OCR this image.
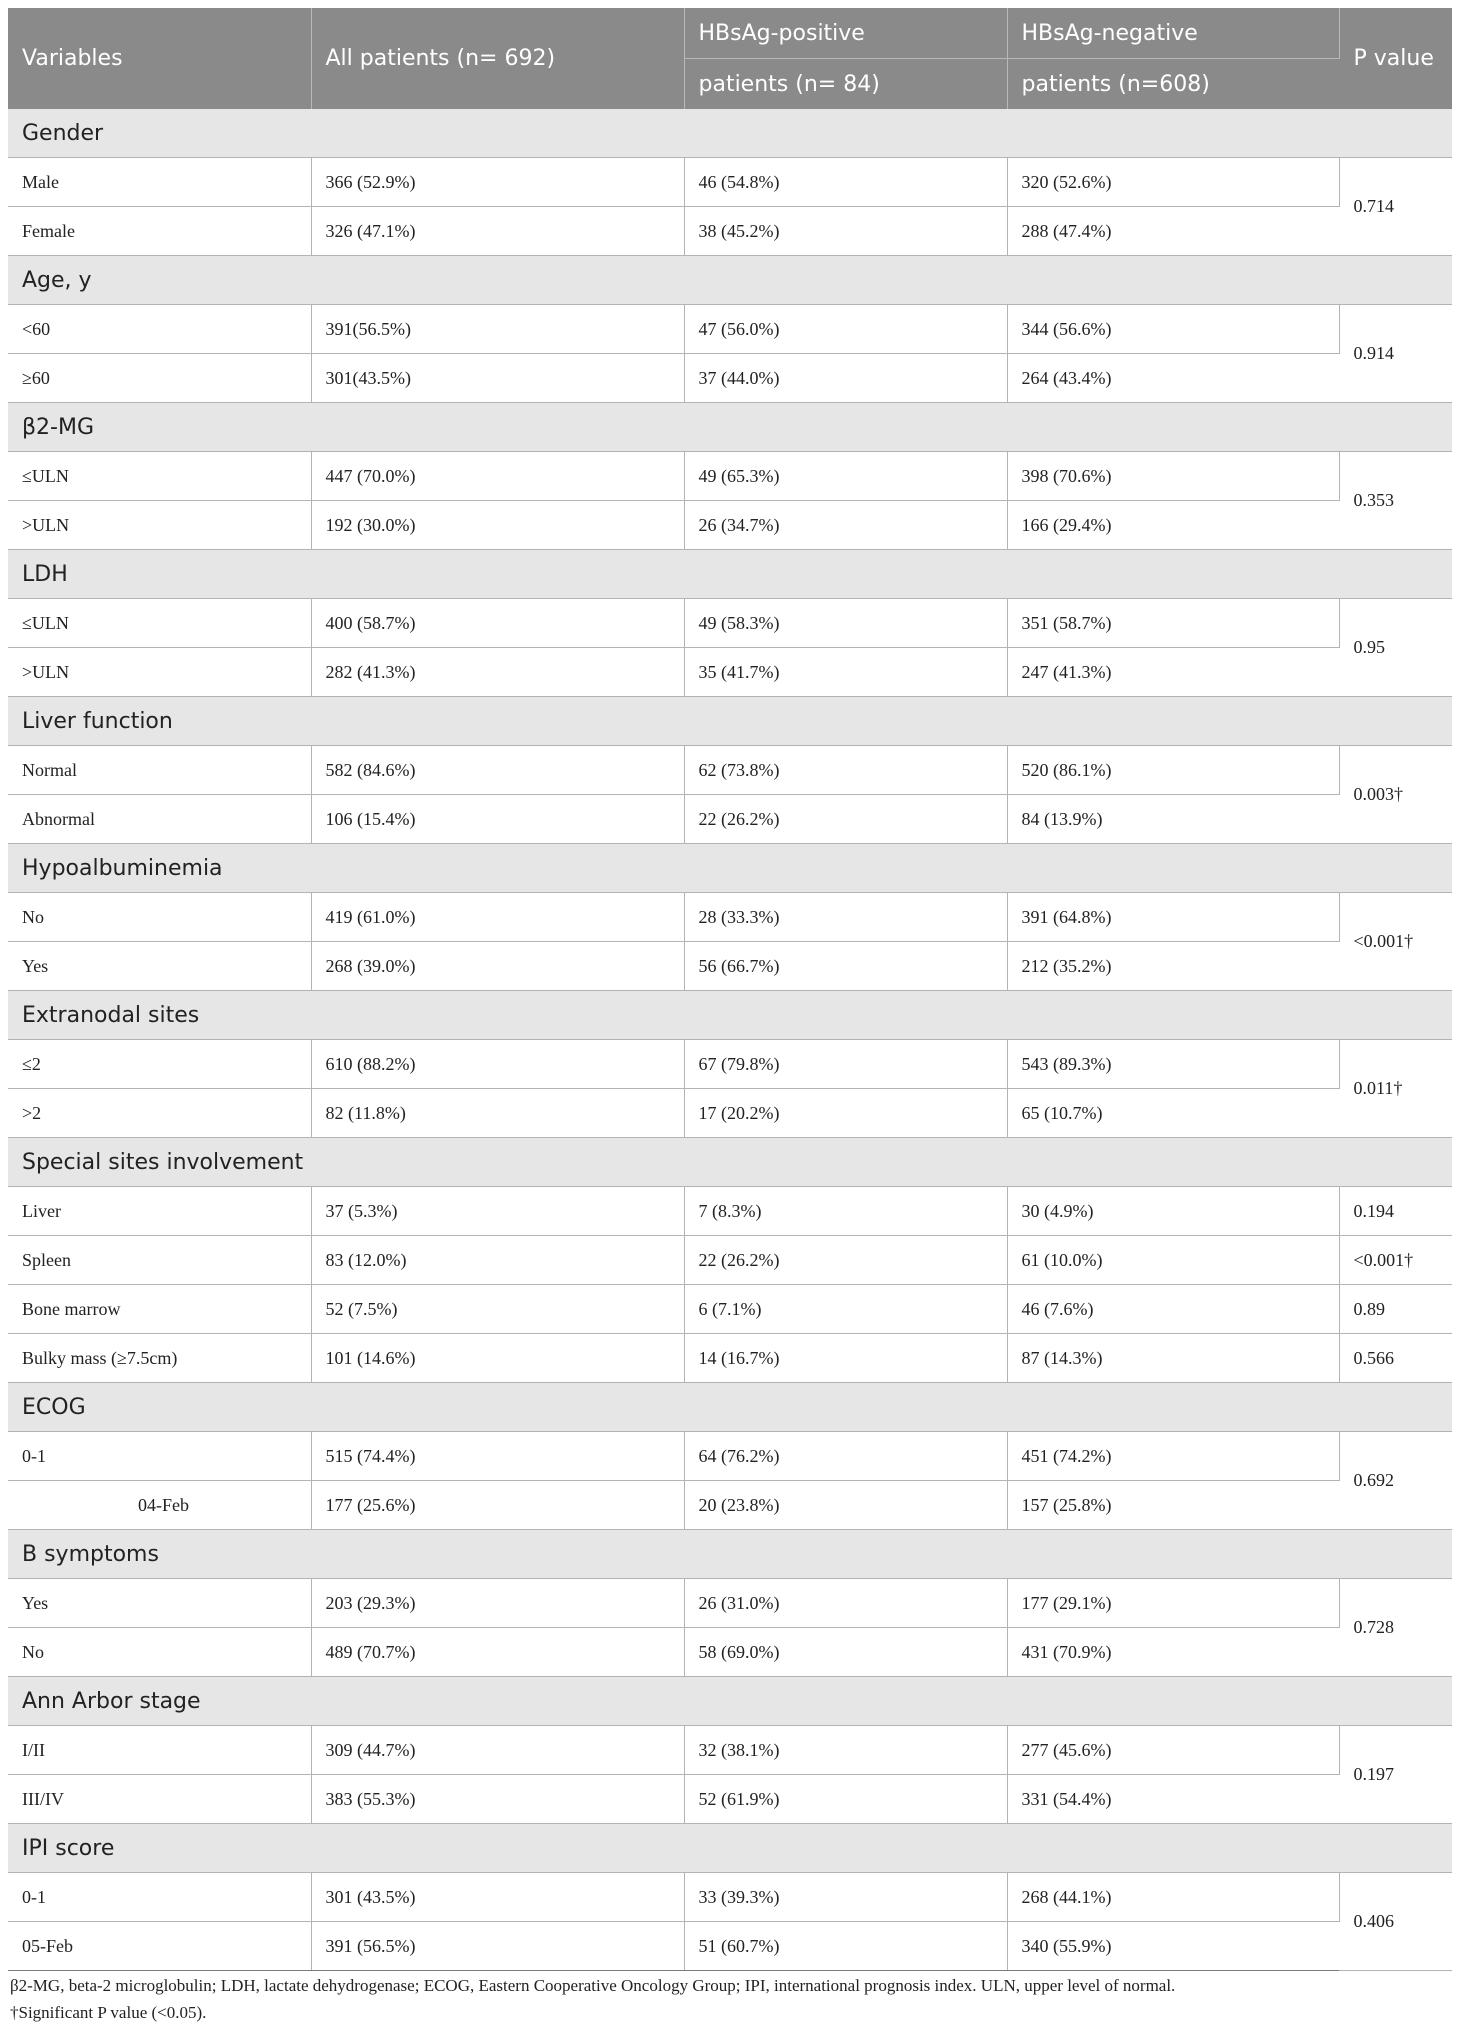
Variables	All patients (n= 692)	HBsAg-positive	HBsAg-negative	P value
		patients (n= 84)	patients (n=608)	
Gender				
Male	366 (52.9%)	46 (54.8%)	320 (52.6%)	0.714
Female	326 (47.1%)	38 (45.2%)	288 (47.4%)	
Age, y				
<60	391(56.5%)	47 (56.0%)	344 (56.6%)	0.914
≥60	301(43.5%)	37 (44.0%)	264 (43.4%)	
β2-MG				
≤ULN	447 (70.0%)	49 (65.3%)	398 (70.6%)	0.353
>ULN	192 (30.0%)	26 (34.7%)	166 (29.4%)	
LDH				
≤ULN	400 (58.7%)	49 (58.3%)	351 (58.7%)	0.95
>ULN	282 (41.3%)	35 (41.7%)	247 (41.3%)	
Liver function				
Normal	582 (84.6%)	62 (73.8%)	520 (86.1%)	0.003†
Abnormal	106 (15.4%)	22 (26.2%)	84 (13.9%)	
Hypoalbuminemia				
No	419 (61.0%)	28 (33.3%)	391 (64.8%)	<0.001†
Yes	268 (39.0%)	56 (66.7%)	212 (35.2%)	
Extranodal sites				
≤2	610 (88.2%)	67 (79.8%)	543 (89.3%)	0.011†
>2	82 (11.8%)	17 (20.2%)	65 (10.7%)	
Special sites involvement				
Liver	37 (5.3%)	7 (8.3%)	30 (4.9%)	0.194
Spleen	83 (12.0%)	22 (26.2%)	61 (10.0%)	<0.001†
Bone marrow	52 (7.5%)	6 (7.1%)	46 (7.6%)	0.89
Bulky mass (≥7.5cm)	101 (14.6%)	14 (16.7%)	87 (14.3%)	0.566
ECOG				
0-1	515 (74.4%)	64 (76.2%)	451 (74.2%)	0.692
04-Feb	177 (25.6%)	20 (23.8%)	157 (25.8%)	
B symptoms				
Yes	203 (29.3%)	26 (31.0%)	177 (29.1%)	0.728
No	489 (70.7%)	58 (69.0%)	431 (70.9%)	
Ann Arbor stage				
I/II	309 (44.7%)	32 (38.1%)	277 (45.6%)	0.197
III/IV	383 (55.3%)	52 (61.9%)	331 (54.4%)	
IPI score				
0-1	301 (43.5%)	33 (39.3%)	268 (44.1%)	0.406
05-Feb	391 (56.5%)	51 (60.7%)	340 (55.9%)	
β2-MG, beta-2 microglobulin; LDH, lactate dehydrogenase; ECOG, Eastern Cooperative Oncology Group; IPI, international prognosis index. ULN, upper level of normal.
†Significant P value (<0.05).
